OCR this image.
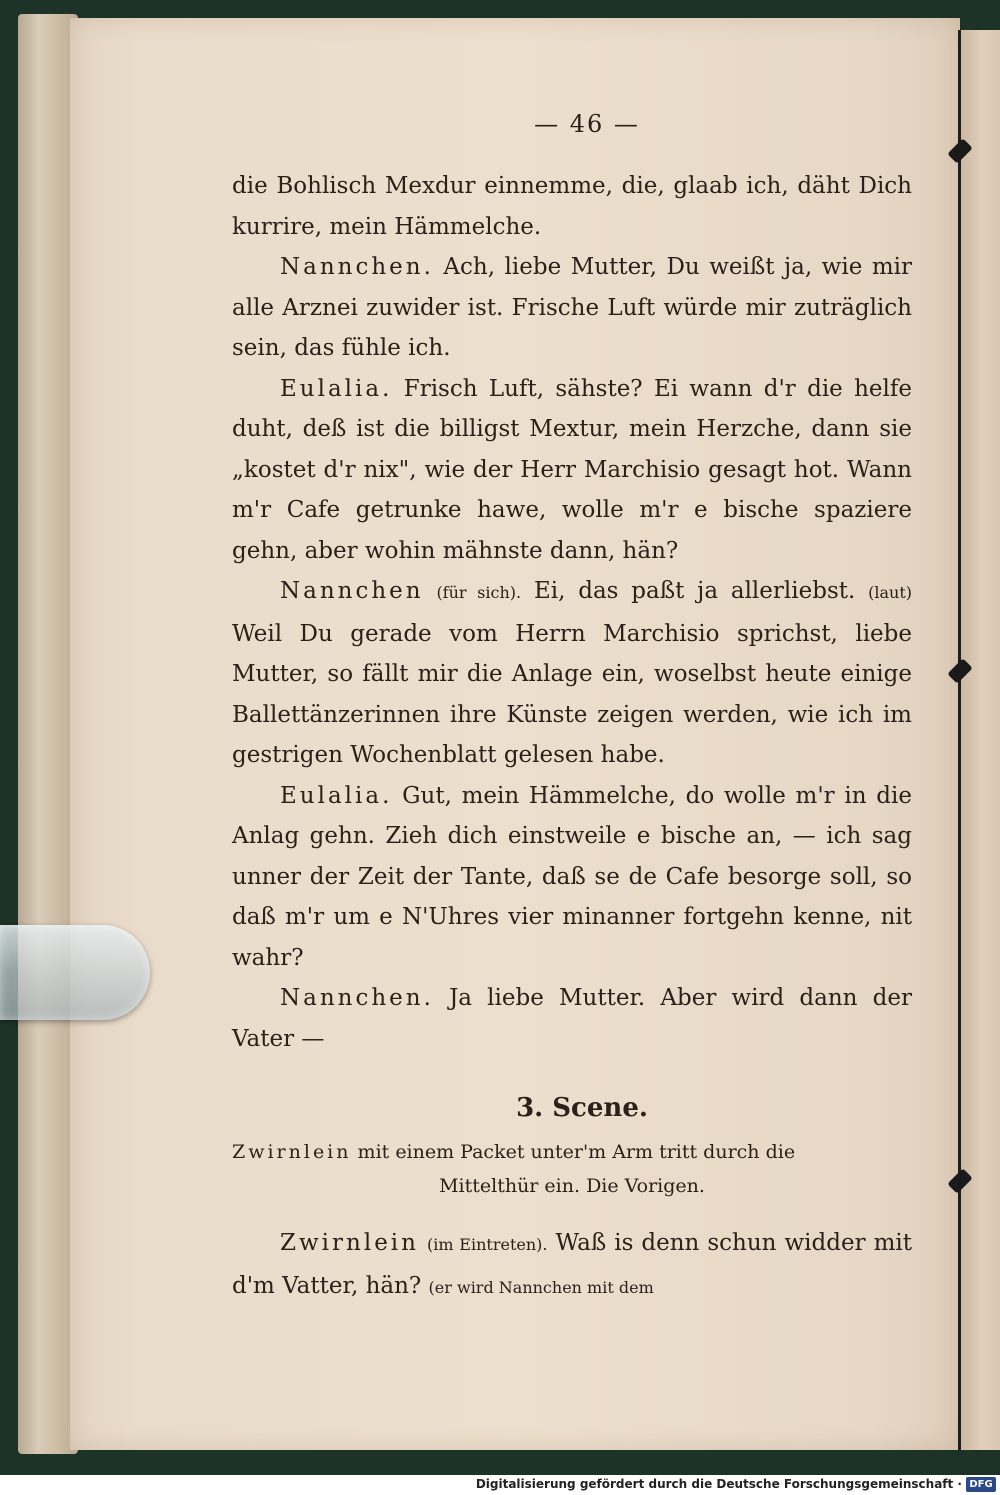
— 46 —

die Bohlisch Mexdur einnemme, die, glaab ich, däht Dich kurrire, mein Hämmelche.

Nannchen. Ach, liebe Mutter, Du weißt ja, wie mir alle Arznei zuwider ist. Frische Luft würde mir zuträglich sein, das fühle ich.

Eulalia. Frisch Luft, sähste? Ei wann d'r die helfe duht, deß ist die billigst Mextur, mein Herzche, dann sie „kostet d'r nix", wie der Herr Marchisio gesagt hot. Wann m'r Cafe getrunke hawe, wolle m'r e bische spaziere gehn, aber wohin mähnste dann, hän?

Nannchen (für sich). Ei, das paßt ja allerliebst. (laut) Weil Du gerade vom Herrn Marchisio sprichst, liebe Mutter, so fällt mir die Anlage ein, woselbst heute einige Ballettänzerinnen ihre Künste zeigen werden, wie ich im gestrigen Wochenblatt gelesen habe.

Eulalia. Gut, mein Hämmelche, do wolle m'r in die Anlag gehn. Zieh dich einstweile e bische an, — ich sag unner der Zeit der Tante, daß se de Cafe besorge soll, so daß m'r um e N'Uhres vier minanner fortgehn kenne, nit wahr?

Nannchen. Ja liebe Mutter. Aber wird dann der Vater —

3. Scene.

Zwirnlein mit einem Packet unter'm Arm tritt durch die

Mittelthür ein. Die Vorigen.

Zwirnlein (im Eintreten). Waß is denn schun widder mit d'm Vatter, hän? (er wird Nannchen mit dem

Digitalisierung gefördert durch die Deutsche Forschungsgemeinschaft · DFG
